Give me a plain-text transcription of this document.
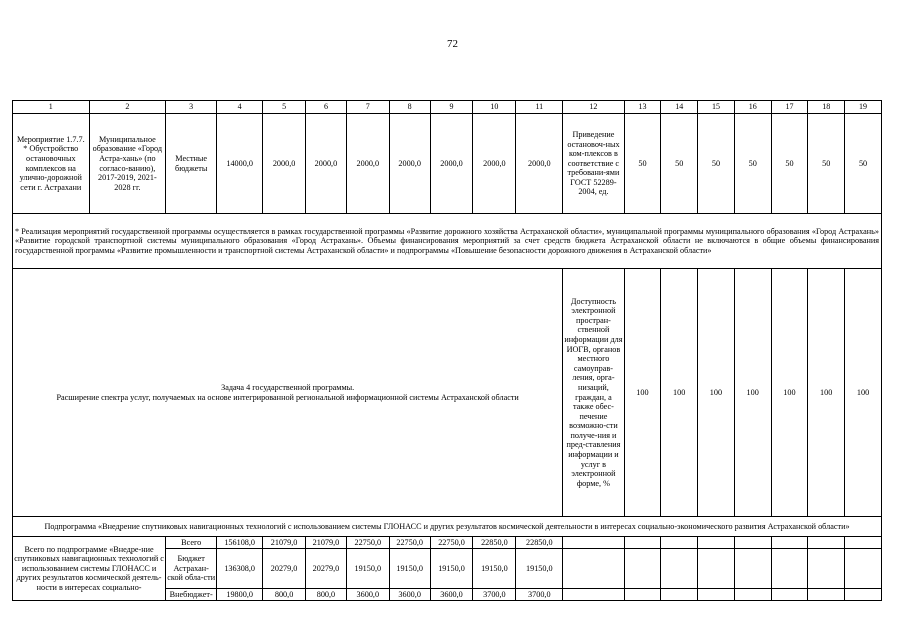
72
1	2	3	4	5	6	7	8	9	10	11	12	13	14	15	16	17	18	19
Мероприятие 1.7.7. * Обустройство остановочных комплексов на улично-дорожной сети г. Астрахани	Муниципальное образование «Город Астра-хань» (по согласо-ванию), 2017-2019, 2021-2028 гг.	Местные бюджеты	14000,0	2000,0	2000,0	2000,0	2000,0	2000,0	2000,0	2000,0	Приведение остановоч-ных ком-плексов в соответствие с требовани-ями ГОСТ 52289-2004, ед.	50	50	50	50	50	50	50
* Реализация мероприятий государственной программы осуществляется в рамках государственной программы «Развитие дорожного хозяйства Астраханской области», муниципальной программы муниципального образования «Город Астрахань» «Развитие городской транспортной системы муниципального образования «Город Астрахань». Объемы финансирования мероприятий за счет средств бюджета Астраханской области не включаются в общие объемы финансирования государственной программы «Развитие промышленности и транспортной системы Астраханской области» и подпрограммы «Повышение безопасности дорожного движения в Астраханской области»																		

Задача 4 государственной программы.
Расширение спектра услуг, получаемых на основе интегрированной региональной информационной системы Астраханской области											Доступность электронной простран-ственной информации для ИОГВ, органов местного самоуправ-ления, орга-низаций, граждан, а также обес-печение возможно-сти получе-ния и пред-ставления информации и услуг в электронной форме, %	100	100	100	100	100	100	100
Подпрограмма «Внедрение спутниковых навигационных технологий с использованием системы ГЛОНАСС и других результатов космической деятельности в интересах социально-экономического развития Астраханской области»																		
Всего по подпрограмме «Внедре-ние спутниковых навигационных технологий с использованием системы ГЛОНАСС и других результатов космической деятель-ности в интересах социально-		Всего	156108,0	21079,0	21079,0	22750,0	22750,0	22750,0	22850,0	22850,0								
		Бюджет Астрахан-ской обла-сти	136308,0	20279,0	20279,0	19150,0	19150,0	19150,0	19150,0	19150,0								
		Внебюджет-	19800,0	800,0	800,0	3600,0	3600,0	3600,0	3700,0	3700,0								
